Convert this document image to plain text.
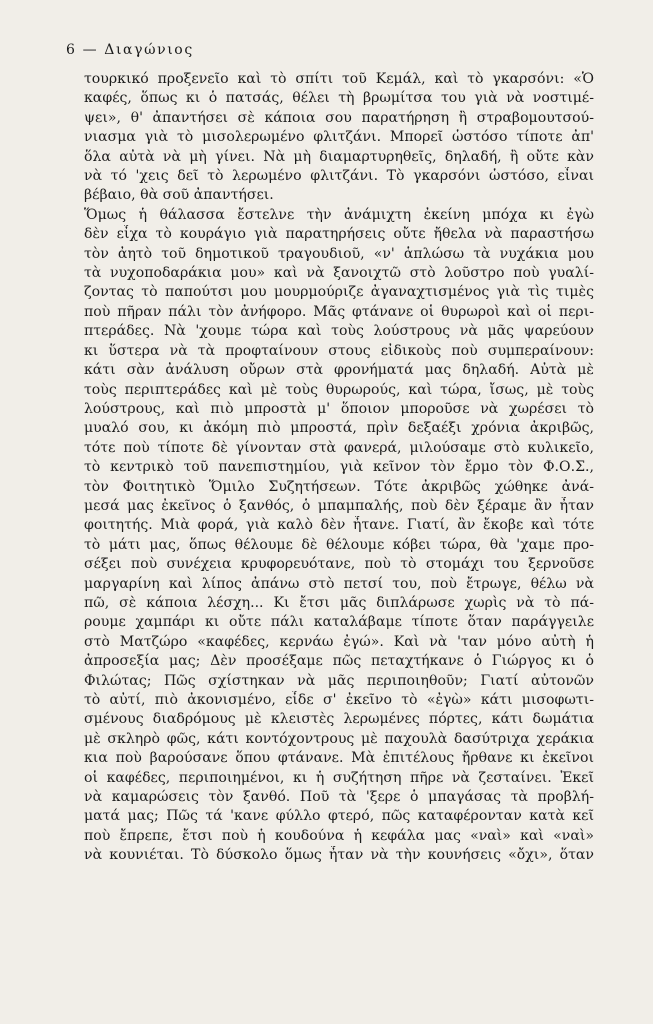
6 — Διαγώνιος

τουρκικό προξενεῖο καὶ τὸ σπίτι τοῦ Κεμάλ, καὶ τὸ γκαρσόνι: «Ὁ
καφές, ὅπως κι ὁ πατσάς, θέλει τὴ βρωμίτσα του γιὰ νὰ νοστιμέ-
ψει», θ' ἀπαντήσει σὲ κάποια σου παρατήρηση ἢ στραβομουτσού-
νιασμα γιὰ τὸ μισολερωμένο φλιτζάνι. Μπορεῖ ὡστόσο τίποτε ἀπ'
ὅλα αὐτὰ νὰ μὴ γίνει. Νὰ μὴ διαμαρτυρηθεῖς, δηλαδή, ἢ οὔτε κὰν
νὰ τό 'χεις δεῖ τὸ λερωμένο φλιτζάνι. Τὸ γκαρσόνι ὡστόσο, εἶναι
βέβαιο, θὰ σοῦ ἀπαντήσει.

Ὅμως ἡ θάλασσα ἔστελνε τὴν ἀνάμιχτη ἐκείνη μπόχα κι ἐγὼ
δὲν εἶχα τὸ κουράγιο γιὰ παρατηρήσεις οὔτε ἤθελα νὰ παραστήσω
τὸν ἀητὸ τοῦ δημοτικοῦ τραγουδιοῦ, «ν' ἁπλώσω τὰ νυχάκια μου
τὰ νυχοποδαράκια μου» καὶ νὰ ξανοιχτῶ στὸ λοῦστρο ποὺ γυαλί-
ζοντας τὸ παπούτσι μου μουρμούριζε ἀγαναχτισμένος γιὰ τὶς τιμὲς
ποὺ πῆραν πάλι τὸν ἀνήφορο. Μᾶς φτάνανε οἱ θυρωροὶ καὶ οἱ περι-
πτεράδες. Νὰ 'χουμε τώρα καὶ τοὺς λούστρους νὰ μᾶς ψαρεύουν
κι ὕστερα νὰ τὰ προφταίνουν στους εἰδικοὺς ποὺ συμπεραίνουν:
κάτι σὰν ἀνάλυση οὔρων στὰ φρονήματά μας δηλαδή. Αὐτὰ μὲ
τοὺς περιπτεράδες καὶ μὲ τοὺς θυρωρούς, καὶ τώρα, ἴσως, μὲ τοὺς
λούστρους, καὶ πιὸ μπροστὰ μ' ὅποιον μποροῦσε νὰ χωρέσει τὸ
μυαλό σου, κι ἀκόμη πιὸ μπροστά, πρὶν δεξαέξι χρόνια ἀκριβῶς,
τότε ποὺ τίποτε δὲ γίνονταν στὰ φανερά, μιλούσαμε στὸ κυλικεῖο,
τὸ κεντρικὸ τοῦ πανεπιστημίου, γιὰ κεῖνον τὸν ἔρμο τὸν Φ.Ο.Σ.,
τὸν Φοιτητικὸ Ὅμιλο Συζητήσεων. Τότε ἀκριβῶς χώθηκε ἀνά-
μεσά μας ἐκεῖνος ὁ ξανθός, ὁ μπαμπαλής, ποὺ δὲν ξέραμε ἂν ἦταν
φοιτητής. Μιὰ φορά, γιὰ καλὸ δὲν ἦτανε. Γιατί, ἂν ἔκοβε καὶ τότε
τὸ μάτι μας, ὅπως θέλουμε δὲ θέλουμε κόβει τώρα, θὰ 'χαμε προ-
σέξει ποὺ συνέχεια κρυφορευότανε, ποὺ τὸ στομάχι του ξερνοῦσε
μαργαρίνη καὶ λίπος ἀπάνω στὸ πετσί του, ποὺ ἔτρωγε, θέλω νὰ
πῶ, σὲ κάποια λέσχη... Κι ἔτσι μᾶς διπλάρωσε χωρὶς νὰ τὸ πά-
ρουμε χαμπάρι κι οὔτε πάλι καταλάβαμε τίποτε ὅταν παράγγειλε
στὸ Ματζώρο «καφέδες, κερνάω ἐγώ». Καὶ νὰ 'ταν μόνο αὐτὴ ἡ
ἀπροσεξία μας; Δὲν προσέξαμε πῶς πεταχτήκανε ὁ Γιώργος κι ὁ
Φιλώτας; Πῶς σχίστηκαν νὰ μᾶς περιποιηθοῦν; Γιατί αὐτονῶν
τὸ αὐτί, πιὸ ἀκονισμένο, εἶδε σ' ἐκεῖνο τὸ «ἐγὼ» κάτι μισοφωτι-
σμένους διαδρόμους μὲ κλειστὲς λερωμένες πόρτες, κάτι δωμάτια
μὲ σκληρὸ φῶς, κάτι κοντόχοντρους μὲ παχουλὰ δασύτριχα χεράκια
κια ποὺ βαρούσανε ὅπου φτάνανε. Μὰ ἐπιτέλους ἤρθανε κι ἐκεῖνοι
οἱ καφέδες, περιποιημένοι, κι ἡ συζήτηση πῆρε νὰ ζεσταίνει. Ἐκεῖ
νὰ καμαρώσεις τὸν ξανθό. Ποῦ τὰ 'ξερε ὁ μπαγάσας τὰ προβλή-
ματά μας; Πῶς τά 'κανε φύλλο φτερό, πῶς καταφέρονταν κατὰ κεῖ
ποὺ ἔπρεπε, ἔτσι ποὺ ἡ κουδούνα ἡ κεφάλα μας «ναὶ» καὶ «ναὶ»
νὰ κουνιέται. Τὸ δύσκολο ὅμως ἦταν νὰ τὴν κουνήσεις «ὄχι», ὅταν
